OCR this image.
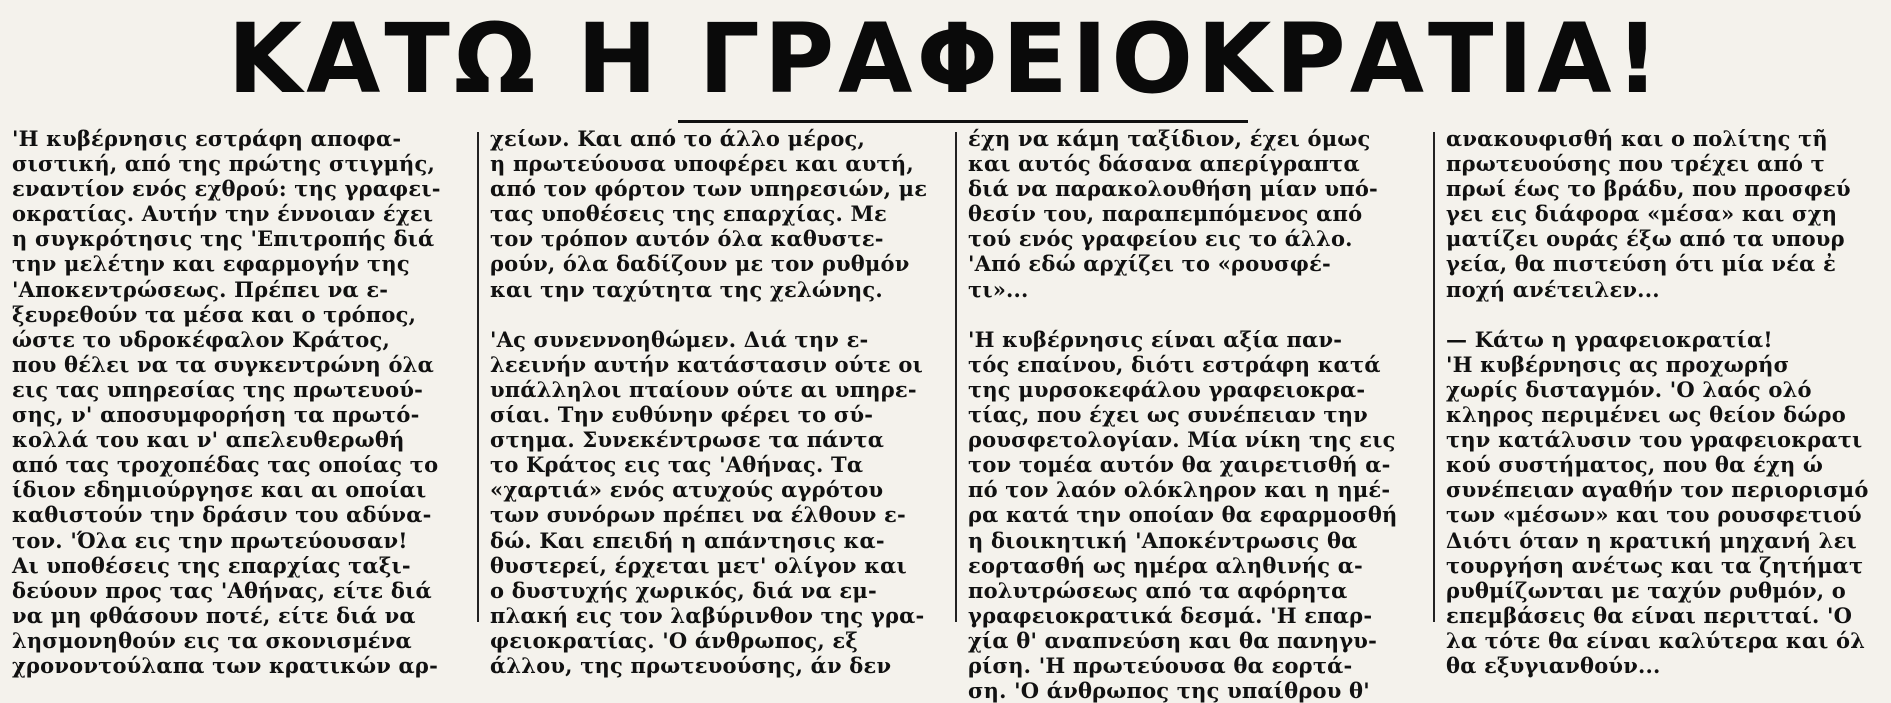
ΚΑΤΩ Η ΓΡΑΦΕΙΟΚΡΑΤΙΑ!
'Η κυβέρνησις εστράφη αποφα-
σιστική, από της πρώτης στιγμής,
εναντίον ενός εχθρού: της γραφει-
οκρατίας. Αυτήν την έννοιαν έχει
η συγκρότησις της 'Επιτροπής διά
την μελέτην και εφαρμογήν της
'Αποκεντρώσεως. Πρέπει να ε-
ξευρεθούν τα μέσα και ο τρόπος,
ώστε το υδροκέφαλον Κράτος,
που θέλει να τα συγκεντρώνη όλα
εις τας υπηρεσίας της πρωτευού-
σης, ν' αποσυμφορήση τα πρωτό-
κολλά του και ν' απελευθερωθή
από τας τροχοπέδας τας οποίας το
ίδιον εδημιούργησε και αι οποίαι
καθιστούν την δράσιν του αδύνα-
τον. 'Όλα εις την πρωτεύουσαν!
Αι υποθέσεις της επαρχίας ταξι-
δεύουν προς τας 'Αθήνας, είτε διά
να μη φθάσουν ποτέ, είτε διά να
λησμονηθούν εις τα σκονισμένα
χρονοντούλαπα των κρατικών αρ-
χείων. Και από το άλλο μέρος,
η πρωτεύουσα υποφέρει και αυτή,
από τον φόρτον των υπηρεσιών, με
τας υποθέσεις της επαρχίας. Με
τον τρόπον αυτόν όλα καθυστε-
ρούν, όλα δαδίζουν με τον ρυθμόν
και την ταχύτητα της χελώνης.

'Ας συνεννοηθώμεν. Διά την ε-
λεεινήν αυτήν κατάστασιν ούτε οι
υπάλληλοι πταίουν ούτε αι υπηρε-
σίαι. Την ευθύνην φέρει το σύ-
στημα. Συνεκέντρωσε τα πάντα
το Κράτος εις τας 'Αθήνας. Τα
«χαρτιά» ενός ατυχούς αγρότου
των συνόρων πρέπει να έλθουν ε-
δώ. Και επειδή η απάντησις κα-
θυστερεί, έρχεται μετ' ολίγον και
ο δυστυχής χωρικός, διά να εμ-
πλακή εις τον λαβύρινθον της γρα-
φειοκρατίας. 'Ο άνθρωπος, εξ
άλλου, της πρωτευούσης, άν δεν
έχη να κάμη ταξίδιον, έχει όμως
και αυτός δάσανα απερίγραπτα
διά να παρακολουθήση μίαν υπό-
θεσίν του, παραπεμπόμενος από
τού ενός γραφείου εις το άλλο.
'Από εδώ αρχίζει το «ρουσφέ-
τι»...

'Η κυβέρνησις είναι αξία παν-
τός επαίνου, διότι εστράφη κατά
της μυρσοκεφάλου γραφειοκρα-
τίας, που έχει ως συνέπειαν την
ρουσφετολογίαν. Μία νίκη της εις
τον τομέα αυτόν θα χαιρετισθή α-
πό τον λαόν ολόκληρον και η ημέ-
ρα κατά την οποίαν θα εφαρμοσθή
η διοικητική 'Αποκέντρωσις θα
εορτασθή ως ημέρα αληθινής α-
πολυτρώσεως από τα αφόρητα
γραφειοκρατικά δεσμά. 'Η επαρ-
χία θ' αναπνεύση και θα πανηγυ-
ρίση. 'Η πρωτεύουσα θα εορτά-
ση. 'Ο άνθρωπος της υπαίθρου θ'
ανακουφισθή και ο πολίτης τῆ
πρωτευούσης που τρέχει από τ
πρωί έως το βράδυ, που προσφεύ
γει εις διάφορα «μέσα» και σχη
ματίζει ουράς έξω από τα υπουρ
γεία, θα πιστεύση ότι μία νέα ἐ
ποχή ανέτειλεν...

— Κάτω η γραφειοκρατία!
'Η κυβέρνησις ας προχωρήσ
χωρίς δισταγμόν. 'Ο λαός ολό
κληρος περιμένει ως θείον δώρο
την κατάλυσιν του γραφειοκρατι
κού συστήματος, που θα έχη ώ
συνέπειαν αγαθήν τον περιορισμό
των «μέσων» και του ρουσφετιού
Διότι όταν η κρατική μηχανή λει
τουργήση ανέτως και τα ζητήματ
ρυθμίζωνται με ταχύν ρυθμόν, ο
επεμβάσεις θα είναι περιτταί. 'Ο
λα τότε θα είναι καλύτερα και όλ
θα εξυγιανθούν...
